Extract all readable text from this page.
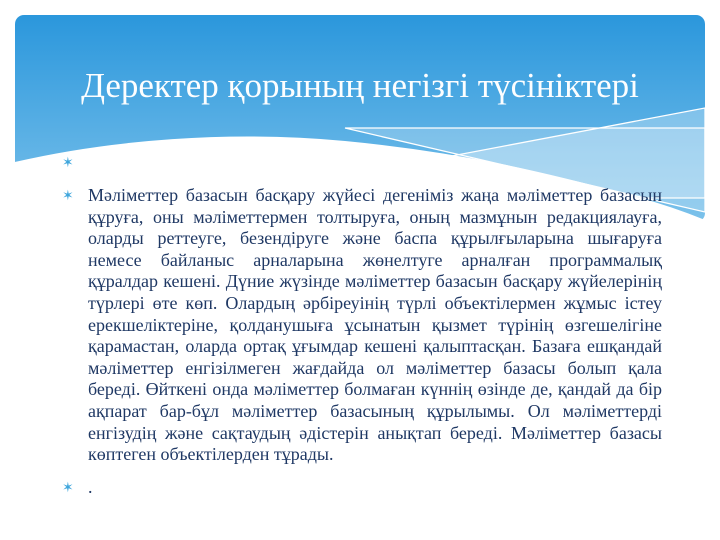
Деректер қорының негізгі түсініктері
✶
✶ Мәліметтер базасын басқару жүйесі дегеніміз жаңа мәліметтер базасын құруға, оны мәліметтермен толтыруға, оның мазмұнын редакциялауға, оларды реттеуге, безендіруге және баспа құрылғыларына шығаруға немесе байланыс арналарына жөнелтуге арналған программалық құралдар кешені. Дүние жүзінде мәліметтер базасын басқару жүйелерінің түрлері өте көп. Олардың әрбіреуінің түрлі объектілермен жұмыс істеу ерекшеліктеріне, қолданушыға ұсынатын қызмет түрінің өзгешелігіне қарамастан, оларда ортақ ұғымдар кешені қалыптасқан. Базаға ешқандай мәліметтер енгізілмеген жағдайда ол мәліметтер базасы болып қала береді. Өйткені онда мәліметтер болмаған күннің өзінде де, қандай да бір ақпарат бар-бұл мәліметтер базасының құрылымы. Ол мәліметтерді енгізудің және сақтаудың әдістерін анықтап береді. Мәліметтер базасы көптеген объектілерден тұрады.
✶ .
